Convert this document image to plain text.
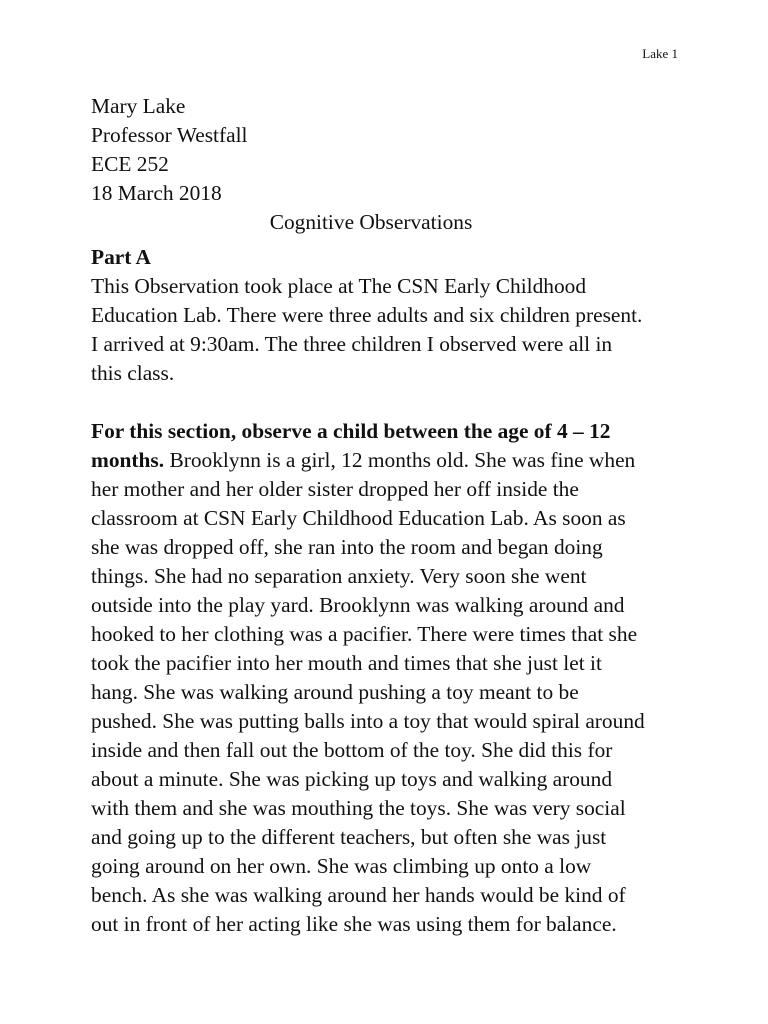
Lake 1
Mary Lake
Professor Westfall
ECE 252
18 March 2018
Cognitive Observations
Part A
This Observation took place at The CSN Early Childhood
Education Lab. There were three adults and six children present.
I arrived at 9:30am. The three children I observed were all in
this class.
For this section, observe a child between the age of 4 – 12
months. Brooklynn is a girl, 12 months old. She was fine when
her mother and her older sister dropped her off inside the
classroom at CSN Early Childhood Education Lab. As soon as
she was dropped off, she ran into the room and began doing
things. She had no separation anxiety. Very soon she went
outside into the play yard. Brooklynn was walking around and
hooked to her clothing was a pacifier. There were times that she
took the pacifier into her mouth and times that she just let it
hang. She was walking around pushing a toy meant to be
pushed. She was putting balls into a toy that would spiral around
inside and then fall out the bottom of the toy. She did this for
about a minute. She was picking up toys and walking around
with them and she was mouthing the toys. She was very social
and going up to the different teachers, but often she was just
going around on her own. She was climbing up onto a low
bench. As she was walking around her hands would be kind of
out in front of her acting like she was using them for balance.
